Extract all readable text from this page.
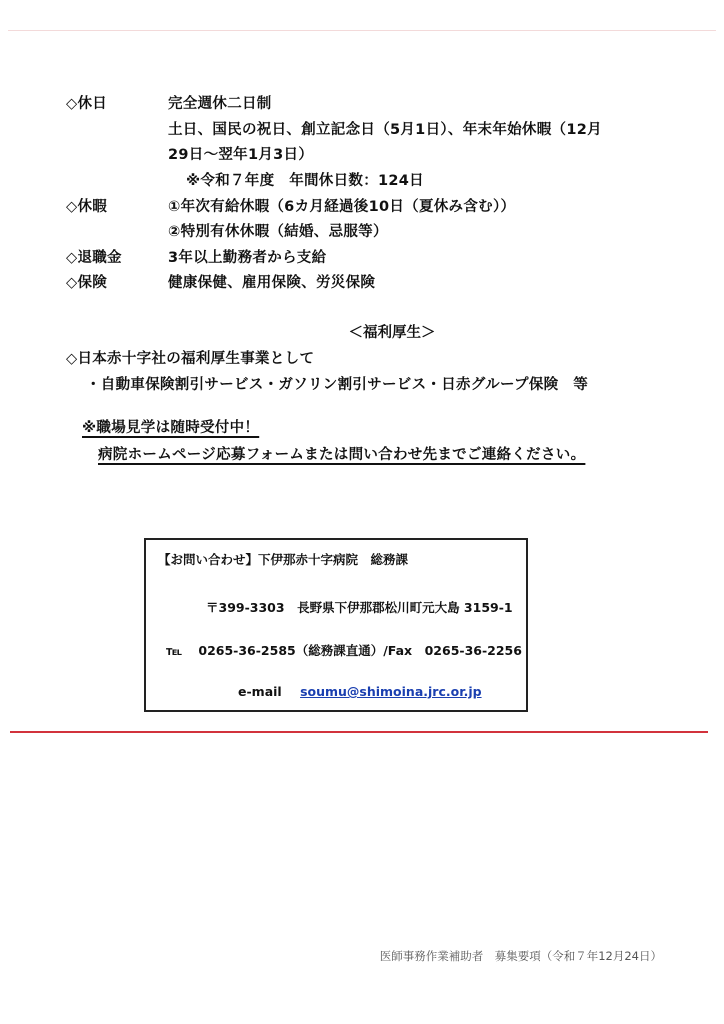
◇休日	完全週休二日制
土日、国民の祝日、創立記念日（5月1日）、年末年始休暇（12月
29日～翌年1月3日）
※令和７年度　年間休日数：124日
◇休暇	①年次有給休暇（6カ月経過後10日（夏休み含む））
②特別有休休暇（結婚、忌服等）
◇退職金	3年以上勤務者から支給
◇保険	健康保健、雇用保険、労災保険
＜福利厚生＞
◇日本赤十字社の福利厚生事業として
・自動車保険割引サービス・ガソリン割引サービス・日赤グループ保険　等
※職場見学は随時受付中！
病院ホームページ応募フォームまたは問い合わせ先までご連絡ください。
【お問い合わせ】下伊那赤十字病院　総務課
〒399-3303　長野県下伊那郡松川町元大島 3159-1
℡ 0265-36-2585（総務課直通）/Fax　0265-36-2256
e-mail soumu@shimoina.jrc.or.jp
医師事務作業補助者　募集要項（令和７年12月24日）
